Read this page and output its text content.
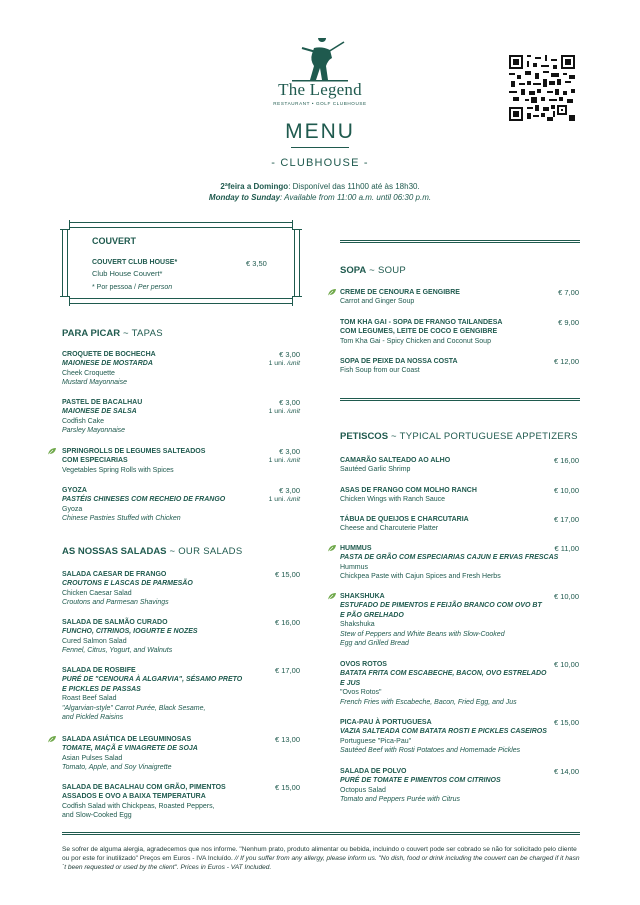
The Legend
RESTAURANT • GOLF CLUBHOUSE
MENU
- CLUBHOUSE -
2ªfeira a Domingo: Disponível das 11h00 até às 18h30.
Monday to Sunday: Available from 11:00 a.m. until 06:30 p.m.
COUVERT
COUVERT CLUB HOUSE*
Club House Couvert*
€ 3,50
* Por pessoa / Per person
PARA PICAR ~ TAPAS
CROQUETE DE BOCHECHA
MAIONESE DE MOSTARDA
Cheek Croquette
Mustard Mayonnaise
€ 3,00
1 uni. /unit
PASTEL DE BACALHAU
MAIONESE DE SALSA
Codfish Cake
Parsley Mayonnaise
€ 3,00
1 uni. /unit
SPRINGROLLS DE LEGUMES SALTEADOS
COM ESPECIARIAS
Vegetables Spring Rolls with Spices
€ 3,00
1 uni. /unit
GYOZA
PASTÉIS CHINESES COM RECHEIO DE FRANGO
Gyoza
Chinese Pastries Stuffed with Chicken
€ 3,00
1 uni. /unit
AS NOSSAS SALADAS ~ OUR SALADS
SALADA CAESAR DE FRANGO
CROUTONS E LASCAS DE PARMESÃO
Chicken Caesar Salad
Croutons and Parmesan Shavings
€ 15,00
SALADA DE SALMÃO CURADO
FUNCHO, CITRINOS, IOGURTE E NOZES
Cured Salmon Salad
Fennel, Citrus, Yogurt, and Walnuts
€ 16,00
SALADA DE ROSBIFE
PURÉ DE "CENOURA À ALGARVIA", SÉSAMO PRETO
E PICKLES DE PASSAS
Roast Beef Salad
"Algarvian-style" Carrot Purée, Black Sesame,
and Pickled Raisins
€ 17,00
SALADA ASIÁTICA DE LEGUMINOSAS
TOMATE, MAÇÃ E VINAGRETE DE SOJA
Asian Pulses Salad
Tomato, Apple, and Soy Vinaigrette
€ 13,00
SALADA DE BACALHAU COM GRÃO, PIMENTOS
ASSADOS E OVO A BAIXA TEMPERATURA
Codfish Salad with Chickpeas, Roasted Peppers,
and Slow-Cooked Egg
€ 15,00
SOPA ~ SOUP
CREME DE CENOURA E GENGIBRE
Carrot and Ginger Soup
€ 7,00
TOM KHA GAI - SOPA DE FRANGO TAILANDESA
COM LEGUMES, LEITE DE COCO E GENGIBRE
Tom Kha Gai - Spicy Chicken and Coconut Soup
€ 9,00
SOPA DE PEIXE DA NOSSA COSTA
Fish Soup from our Coast
€ 12,00
PETISCOS ~ TYPICAL PORTUGUESE APPETIZERS
CAMARÃO SALTEADO AO ALHO
Sautéed Garlic Shrimp
€ 16,00
ASAS DE FRANGO COM MOLHO RANCH
Chicken Wings with Ranch Sauce
€ 10,00
TÁBUA DE QUEIJOS E CHARCUTARIA
Cheese and Charcuterie Platter
€ 17,00
HUMMUS
PASTA DE GRÃO COM ESPECIARIAS CAJUN E ERVAS FRESCAS
Hummus
Chickpea Paste with Cajun Spices and Fresh Herbs
€ 11,00
SHAKSHUKA
ESTUFADO DE PIMENTOS E FEIJÃO BRANCO COM OVO BT
E PÃO GRELHADO
Shakshuka
Stew of Peppers and White Beans with Slow-Cooked
Egg and Grilled Bread
€ 10,00
OVOS ROTOS
BATATA FRITA COM ESCABECHE, BACON, OVO ESTRELADO
E JUS
"Ovos Rotos"
French Fries with Escabeche, Bacon, Fried Egg, and Jus
€ 10,00
PICA-PAU À PORTUGUESA
VAZIA SALTEADA COM BATATA ROSTI E PICKLES CASEIROS
Portuguese "Pica-Pau"
Sautéed Beef with Rosti Potatoes and Homemade Pickles
€ 15,00
SALADA DE POLVO
PURÉ DE TOMATE E PIMENTOS COM CITRINOS
Octopus Salad
Tomato and Peppers Purée with Citrus
€ 14,00
Se sofrer de alguma alergia, agradecemos que nos informe. "Nenhum prato, produto alimentar ou bebida, incluindo o couvert pode ser cobrado se não for solicitado pelo cliente ou por este for inutilizado" Preços em Euros - IVA Incluído. // If you suffer from any allergy, please inform us. "No dish, food or drink including the couvert can be charged if it hasn´t been requested or used by the client". Prices in Euros - VAT Included.
